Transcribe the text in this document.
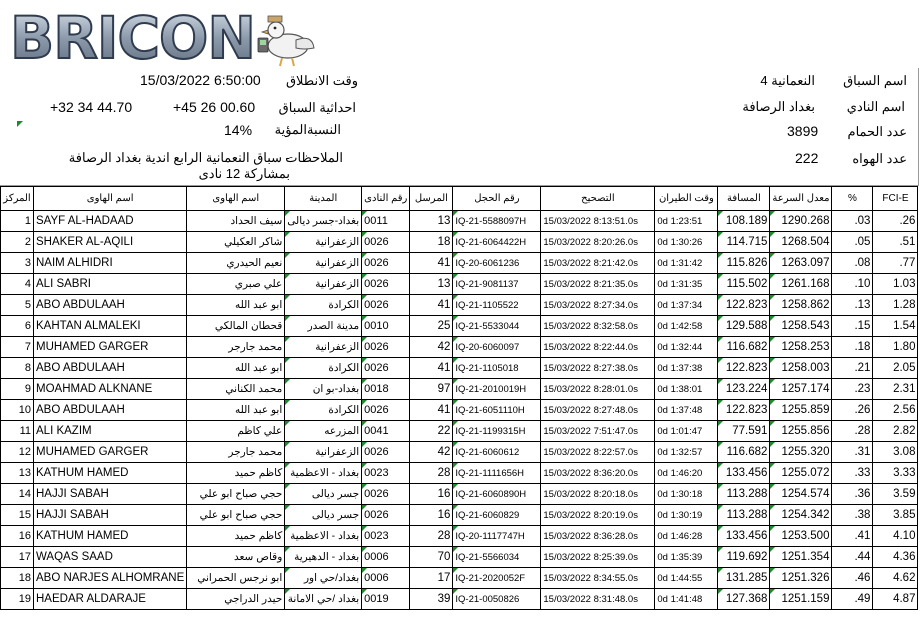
BRICON
اسم السباق
النعمانية 4
اسم النادي
بغداد الرصافة
عدد الحمام
3899
عدد الهواه
222
وقت الانطلاق
15/03/2022 6:50:00
احداثية السباق
+45 26 00.60
+32 34 44.70
النسبةالمؤية
14%
الملاحظات
- سباق النعمانية الرابع اندية بغداد الرصافة بمشاركة 12 نادى
المركز	اسم الهاوى	اسم الهاوى	المدينة	رقم النادى	المرسل	رقم الحجل	التصحيح	وقت الطيران	المسافة	معدل السرعة	%	FCI-E
1	SAYF AL-HADAAD	سيف الحداد	بغداد-جسر ديالى	0011	13	IQ-21-5588097H	15/03/2022 8:13:51.0s	0d 1:23:51	108.189	1290.268	.03	.26
2	SHAKER AL-AQILI	شاكر العكيلي	الزعفرانية	0026	18	IQ-21-6064422H	15/03/2022 8:20:26.0s	0d 1:30:26	114.715	1268.504	.05	.51
3	NAIM ALHIDRI	نعيم الحيدري	الزعفرانية	0026	41	IQ-20-6061236	15/03/2022 8:21:42.0s	0d 1:31:42	115.826	1263.097	.08	.77
4	ALI SABRI	علي صبري	الزعفرانية	0026	13	IQ-21-9081137	15/03/2022 8:21:35.0s	0d 1:31:35	115.502	1261.168	.10	1.03
5	ABO ABDULAAH	ابو عبد الله	الكرادة	0026	41	IQ-21-1105522	15/03/2022 8:27:34.0s	0d 1:37:34	122.823	1258.862	.13	1.28
6	KAHTAN ALMALEKI	قحطان المالكي	مدينة الصدر	0010	25	IQ-21-5533044	15/03/2022 8:32:58.0s	0d 1:42:58	129.588	1258.543	.15	1.54
7	MUHAMED GARGER	محمد جارجر	الزعفرانية	0026	42	IQ-20-6060097	15/03/2022 8:22:44.0s	0d 1:32:44	116.682	1258.253	.18	1.80
8	ABO ABDULAAH	ابو عبد الله	الكرادة	0026	41	IQ-21-1105018	15/03/2022 8:27:38.0s	0d 1:37:38	122.823	1258.003	.21	2.05
9	MOAHMAD ALKNANE	محمد الكناني	بغداد-بو ان	0018	97	IQ-21-2010019H	15/03/2022 8:28:01.0s	0d 1:38:01	123.224	1257.174	.23	2.31
10	ABO ABDULAAH	ابو عبد الله	الكرادة	0026	41	IQ-21-6051110H	15/03/2022 8:27:48.0s	0d 1:37:48	122.823	1255.859	.26	2.56
11	ALI KAZIM	علي كاظم	المزرعه	0041	22	IQ-21-1199315H	15/03/2022 7:51:47.0s	0d 1:01:47	77.591	1255.856	.28	2.82
12	MUHAMED GARGER	محمد جارجر	الزعفرانية	0026	42	IQ-21-6060612	15/03/2022 8:22:57.0s	0d 1:32:57	116.682	1255.320	.31	3.08
13	KATHUM HAMED	كاظم حميد	بغداد - الاعظمية	0023	28	IQ-21-1111656H	15/03/2022 8:36:20.0s	0d 1:46:20	133.456	1255.072	.33	3.33
14	HAJJI SABAH	حجي صباح ابو علي	جسر ديالى	0026	16	IQ-21-6060890H	15/03/2022 8:20:18.0s	0d 1:30:18	113.288	1254.574	.36	3.59
15	HAJJI SABAH	حجي صباح ابو علي	جسر ديالى	0026	16	IQ-21-6060829	15/03/2022 8:20:19.0s	0d 1:30:19	113.288	1254.342	.38	3.85
16	KATHUM HAMED	كاظم حميد	بغداد - الاعظمية	0023	28	IQ-20-1117747H	15/03/2022 8:36:28.0s	0d 1:46:28	133.456	1253.500	.41	4.10
17	WAQAS SAAD	وقاص سعد	بغداد - الدهيرية	0006	70	IQ-21-5566034	15/03/2022 8:25:39.0s	0d 1:35:39	119.692	1251.354	.44	4.36
18	ABO NARJES ALHOMRANE	ابو نرجس الحمراني	بغداد/حي اور	0006	17	IQ-21-2020052F	15/03/2022 8:34:55.0s	0d 1:44:55	131.285	1251.326	.46	4.62
19	HAEDAR ALDARAJE	حيدر الدراجي	بغداد /حي الامانة	0019	39	IQ-21-0050826	15/03/2022 8:31:48.0s	0d 1:41:48	127.368	1251.159	.49	4.87
